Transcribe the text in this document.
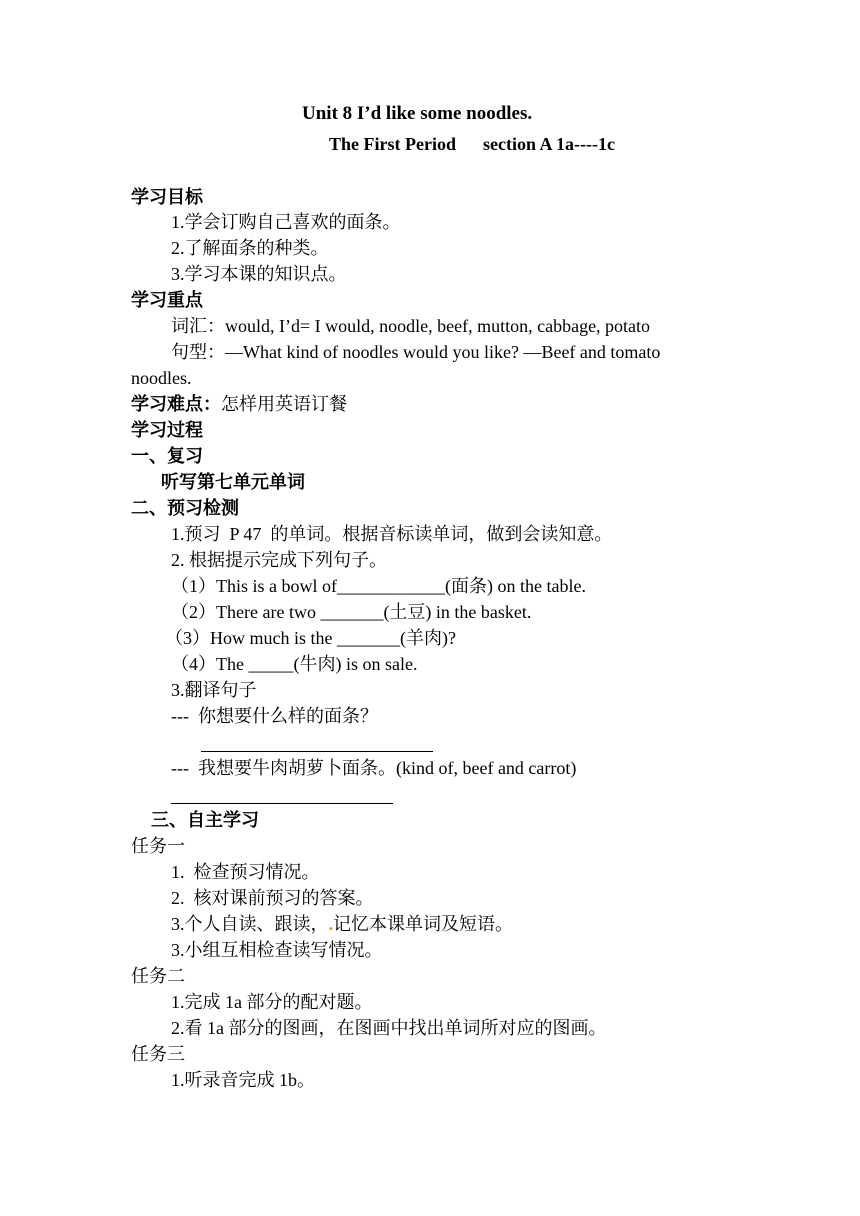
Unit 8 I’d like some noodles.
The First Period      section A 1a----1c
学习目标
1.学会订购自己喜欢的面条。
2.了解面条的种类。
3.学习本课的知识点。
学习重点
词汇：would, I’d= I would, noodle, beef, mutton, cabbage, potato
句型：—What kind of noodles would you like? —Beef and tomato
noodles.
学习难点：怎样用英语订餐
学习过程
一、复习
听写第七单元单词
二、预习检测
1.预习  P 47  的单词。根据音标读单词，做到会读知意。
2. 根据提示完成下列句子。
（1）This is a bowl of____________(面条) on the table.
（2）There are two _______(土豆) in the basket.
（3）How much is the _______(羊肉)?
（4）The _____(牛肉) is on sale.
3.翻译句子
---  你想要什么样的面条？
---  我想要牛肉胡萝卜面条。(kind of, beef and carrot)
三、自主学习
任务一
1.  检查预习情况。
2.  核对课前预习的答案。
3.个人自读、跟读，.记忆本课单词及短语。
3.小组互相检查读写情况。
任务二
1.完成 1a 部分的配对题。
2.看 1a 部分的图画，在图画中找出单词所对应的图画。
任务三
1.听录音完成 1b。
